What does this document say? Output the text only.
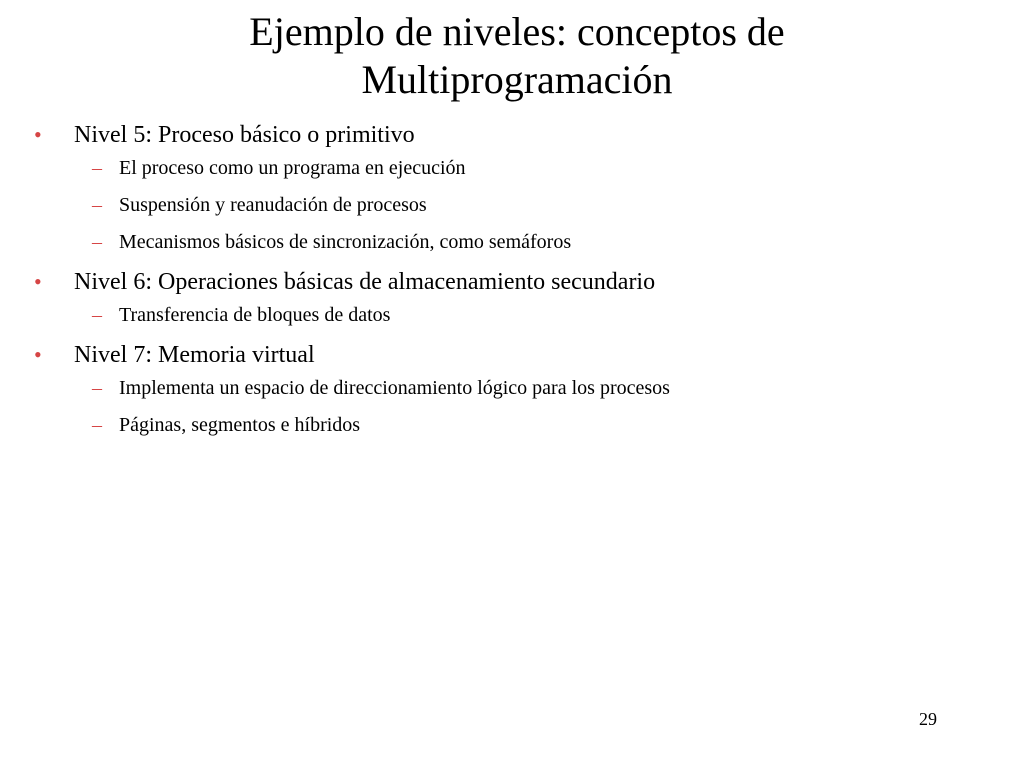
Ejemplo de niveles: conceptos de
Multiprogramación
•	Nivel 5: Proceso básico o primitivo
– El proceso como un programa en ejecución
– Suspensión y reanudación de procesos
– Mecanismos básicos de sincronización, como semáforos
•	Nivel 6: Operaciones básicas de almacenamiento secundario
– Transferencia de bloques de datos
•	Nivel 7: Memoria virtual
– Implementa un espacio de direccionamiento lógico para los procesos
– Páginas, segmentos e híbridos
29
